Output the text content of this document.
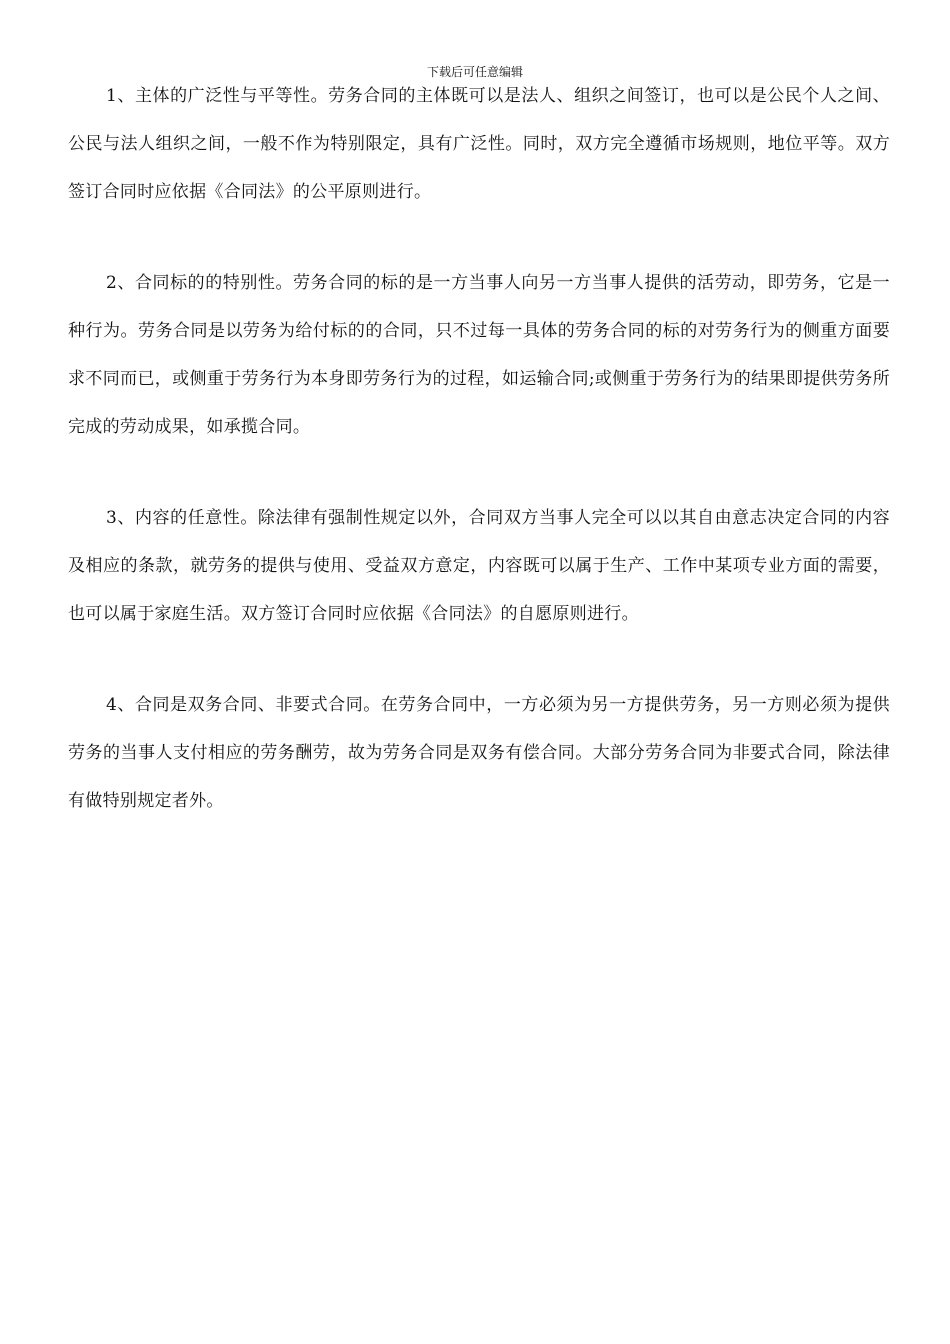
下载后可任意编辑

1、主体的广泛性与平等性。劳务合同的主体既可以是法人、组织之间签订，也可以是公民个人之间、公民与法人组织之间，一般不作为特别限定，具有广泛性。同时，双方完全遵循市场规则，地位平等。双方签订合同时应依据《合同法》的公平原则进行。

2、合同标的的特别性。劳务合同的标的是一方当事人向另一方当事人提供的活劳动，即劳务，它是一种行为。劳务合同是以劳务为给付标的的合同，只不过每一具体的劳务合同的标的对劳务行为的侧重方面要求不同而已，或侧重于劳务行为本身即劳务行为的过程，如运输合同;或侧重于劳务行为的结果即提供劳务所完成的劳动成果，如承揽合同。

3、内容的任意性。除法律有强制性规定以外，合同双方当事人完全可以以其自由意志决定合同的内容及相应的条款，就劳务的提供与使用、受益双方意定，内容既可以属于生产、工作中某项专业方面的需要，也可以属于家庭生活。双方签订合同时应依据《合同法》的自愿原则进行。

4、合同是双务合同、非要式合同。在劳务合同中，一方必须为另一方提供劳务，另一方则必须为提供劳务的当事人支付相应的劳务酬劳，故为劳务合同是双务有偿合同。大部分劳务合同为非要式合同，除法律有做特别规定者外。
